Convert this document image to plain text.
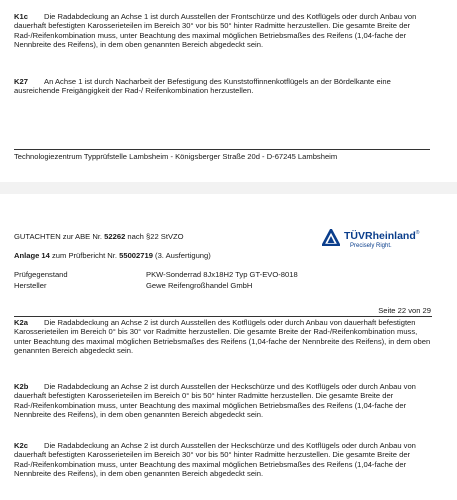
K1c Die Radabdeckung an Achse 1 ist durch Ausstellen der Frontschürze und des Kotflügels oder durch Anbau von dauerhaft befestigten Karosserieteilen im Bereich 30° vor bis 50° hinter Radmitte herzustellen. Die gesamte Breite der Rad-/Reifenkombination muss, unter Beachtung des maximal möglichen Betriebsmaßes des Reifens (1,04-fache der Nennbreite des Reifens), in dem oben genannten Bereich abgedeckt sein.
K27 An Achse 1 ist durch Nacharbeit der Befestigung des Kunststoffinnenkotflügels an der Bördelkante eine ausreichende Freigängigkeit der Rad-/ Reifenkombination herzustellen.
Technologiezentrum Typprüfstelle Lambsheim - Königsberger Straße 20d - D-67245 Lambsheim
GUTACHTEN zur ABE Nr. 52262 nach §22 StVZO
Anlage 14 zum Prüfbericht Nr. 55002719 (3. Ausfertigung)
TÜVRheinland®
Precisely Right.
Prüfgegenstand	PKW-Sonderrad 8Jx18H2 Typ GT-EVO-8018
Hersteller	Gewe Reifengroßhandel GmbH
Seite 22 von 29
K2a Die Radabdeckung an Achse 2 ist durch Ausstellen des Kotflügels oder durch Anbau von dauerhaft befestigten Karosserieteilen im Bereich 0° bis 30° vor Radmitte herzustellen. Die gesamte Breite der Rad-/Reifenkombination muss, unter Beachtung des maximal möglichen Betriebsmaßes des Reifens (1,04-fache der Nennbreite des Reifens), in dem oben genannten Bereich abgedeckt sein.
K2b Die Radabdeckung an Achse 2 ist durch Ausstellen der Heckschürze und des Kotflügels oder durch Anbau von dauerhaft befestigten Karosserieteilen im Bereich 0° bis 50° hinter Radmitte herzustellen. Die gesamte Breite der Rad-/Reifenkombination muss, unter Beachtung des maximal möglichen Betriebsmaßes des Reifens (1,04-fache der Nennbreite des Reifens), in dem oben genannten Bereich abgedeckt sein.
K2c Die Radabdeckung an Achse 2 ist durch Ausstellen der Heckschürze und des Kotflügels oder durch Anbau von dauerhaft befestigten Karosserieteilen im Bereich 30° vor bis 50° hinter Radmitte herzustellen. Die gesamte Breite der Rad-/Reifenkombination muss, unter Beachtung des maximal möglichen Betriebsmaßes des Reifens (1,04-fache der Nennbreite des Reifens), in dem oben genannten Bereich abgedeckt sein.
